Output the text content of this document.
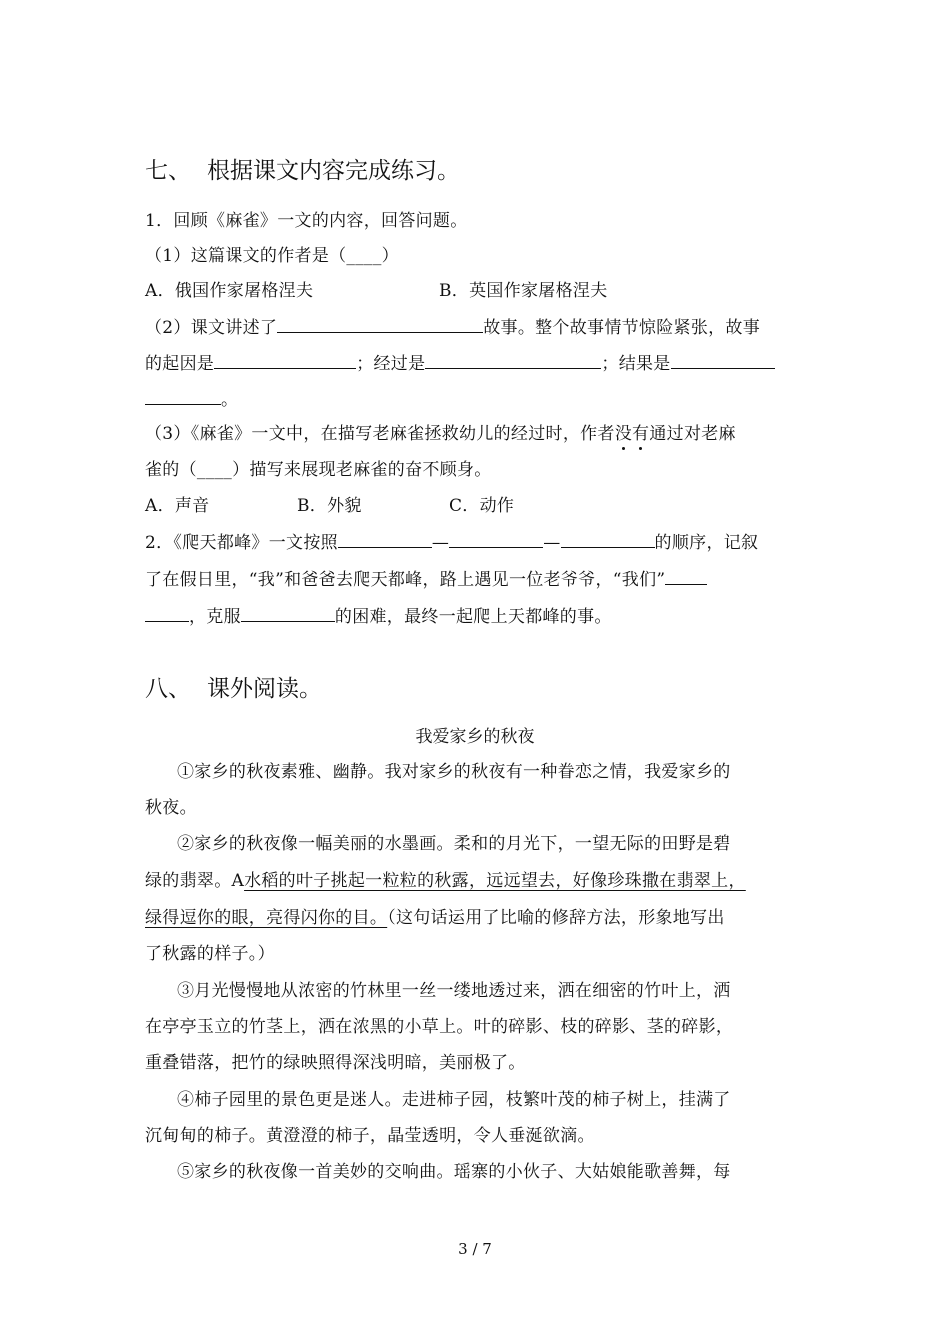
七、 根据课文内容完成练习。
1．回顾《麻雀》一文的内容，回答问题。
（1）这篇课文的作者是（____）
A．俄国作家屠格涅夫	B．英国作家屠格涅夫
（2）课文讲述了	故事。整个故事情节惊险紧张，故事
的起因是	；经过是	；结果是
。
（3）《麻雀》一文中，在描写老麻雀拯救幼儿的经过时，作者没有通过对老麻
雀的（____）描写来展现老麻雀的奋不顾身。
A．声音	B．外貌	C．动作
2．《爬天都峰》一文按照	—	—	的顺序，记叙
了在假日里，“我”和爸爸去爬天都峰，路上遇见一位老爷爷，“我们”
，克服	的困难，最终一起爬上天都峰的事。
八、 课外阅读。
我爱家乡的秋夜
①家乡的秋夜素雅、幽静。我对家乡的秋夜有一种眷恋之情，我爱家乡的
秋夜。
②家乡的秋夜像一幅美丽的水墨画。柔和的月光下，一望无际的田野是碧
绿的翡翠。A水稻的叶子挑起一粒粒的秋露，远远望去，好像珍珠撒在翡翠上，
绿得逗你的眼，亮得闪你的目。（这句话运用了比喻的修辞方法，形象地写出
了秋露的样子。）
③月光慢慢地从浓密的竹林里一丝一缕地透过来，洒在细密的竹叶上，洒
在亭亭玉立的竹茎上，洒在浓黑的小草上。叶的碎影、枝的碎影、茎的碎影，
重叠错落，把竹的绿映照得深浅明暗，美丽极了。
④柿子园里的景色更是迷人。走进柿子园，枝繁叶茂的柿子树上，挂满了
沉甸甸的柿子。黄澄澄的柿子，晶莹透明，令人垂涎欲滴。
⑤家乡的秋夜像一首美妙的交响曲。瑶寨的小伙子、大姑娘能歌善舞，每
3 / 7
